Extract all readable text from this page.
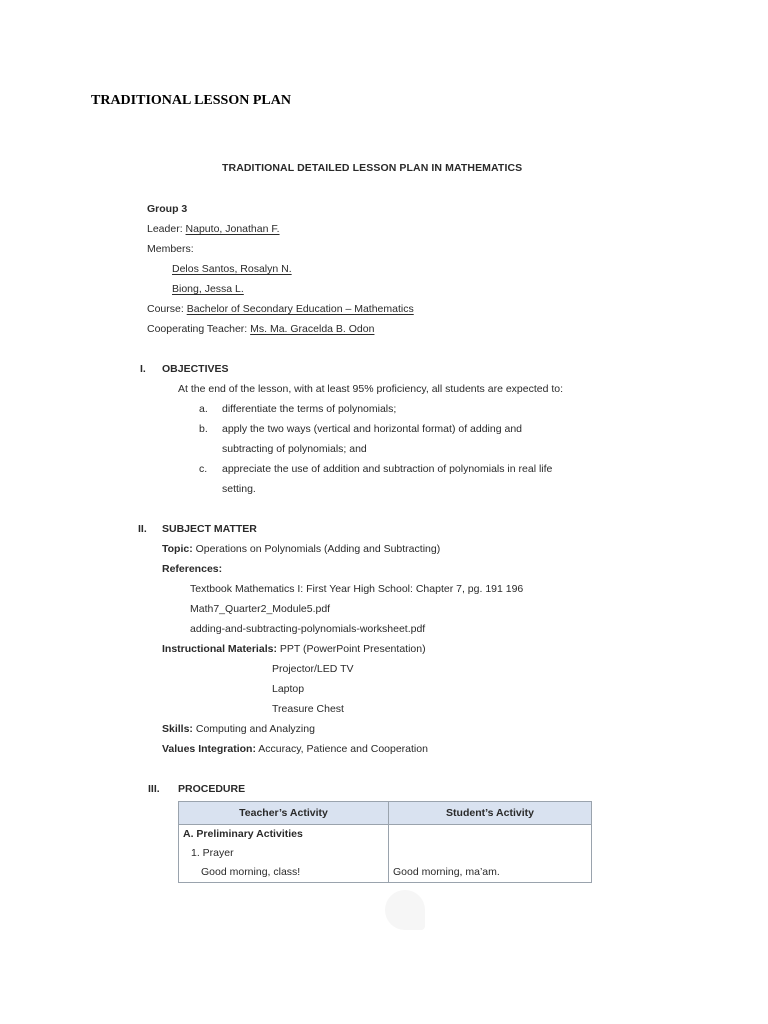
TRADITIONAL LESSON PLAN
TRADITIONAL DETAILED LESSON PLAN IN MATHEMATICS
Group 3
Leader: Naputo, Jonathan F.
Members:
Delos Santos, Rosalyn N.
Biong, Jessa L.
Course: Bachelor of Secondary Education – Mathematics
Cooperating Teacher: Ms. Ma. Gracelda B. Odon
I. OBJECTIVES
At the end of the lesson, with at least 95% proficiency, all students are expected to:
a. differentiate the terms of polynomials;
b. apply the two ways (vertical and horizontal format) of adding and
subtracting of polynomials; and
c. appreciate the use of addition and subtraction of polynomials in real life
setting.
II. SUBJECT MATTER
Topic: Operations on Polynomials (Adding and Subtracting)
References:
Textbook Mathematics I: First Year High School: Chapter 7, pg. 191 196
Math7_Quarter2_Module5.pdf
adding-and-subtracting-polynomials-worksheet.pdf
Instructional Materials: PPT (PowerPoint Presentation)
Projector/LED TV
Laptop
Treasure Chest
Skills: Computing and Analyzing
Values Integration: Accuracy, Patience and Cooperation
III. PROCEDURE
Teacher’s Activity	Student’s Activity

A. Preliminary Activities
1. Prayer
Good morning, class!	Good morning, ma’am.
